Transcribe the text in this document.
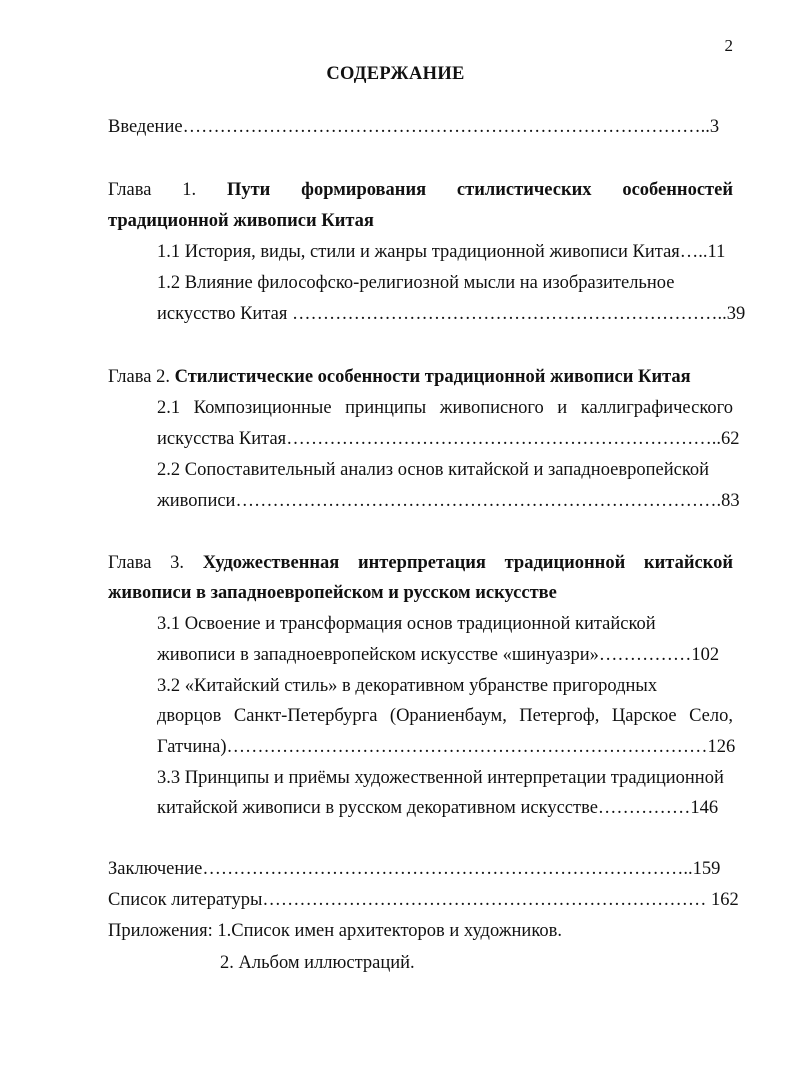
2
СОДЕРЖАНИЕ
Введение…………………………………………………………………………..3
Глава 1. Пути формирования стилистических особенностей
традиционной живописи Китая
1.1 История, виды, стили и жанры традиционной живописи Китая…..11
1.2 Влияние философско-религиозной мысли на изобразительное
искусство Китая ……………………………………………………………..39
Глава 2. Стилистические особенности традиционной живописи Китая
2.1 Композиционные принципы живописного и каллиграфического
искусства Китая……………………………………………………………..62
2.2 Сопоставительный анализ основ китайской и западноевропейской
живописи…………………………………………………………………….83
Глава 3. Художественная интерпретация традиционной китайской
живописи в западноевропейском и русском искусстве
3.1 Освоение и трансформация основ традиционной китайской
живописи в западноевропейском искусстве «шинуазри»……………102
3.2 «Китайский стиль» в декоративном убранстве пригородных
дворцов Санкт-Петербурга (Ораниенбаум, Петергоф, Царское Село,
Гатчина)……………………………………………………………………126
3.3 Принципы и приёмы художественной интерпретации традиционной
китайской живописи в русском декоративном искусстве……………146
Заключение……………………………………………………………………..159
Список литературы……………………………………………………………… 162
Приложения: 1.Список имен архитекторов и художников.
2. Альбом иллюстраций.
